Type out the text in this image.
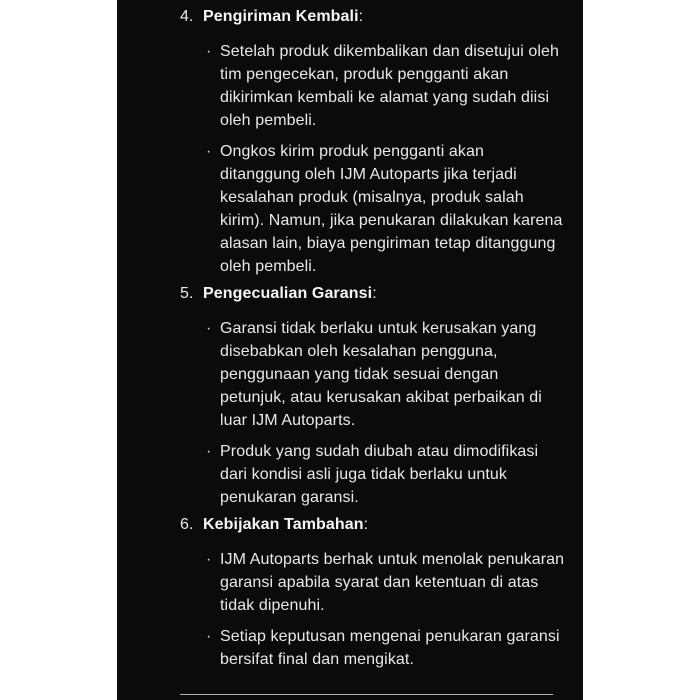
4. Pengiriman Kembali:
· Setelah produk dikembalikan dan disetujui oleh
tim pengecekan, produk pengganti akan
dikirimkan kembali ke alamat yang sudah diisi
oleh pembeli.
· Ongkos kirim produk pengganti akan
ditanggung oleh IJM Autoparts jika terjadi
kesalahan produk (misalnya, produk salah
kirim). Namun, jika penukaran dilakukan karena
alasan lain, biaya pengiriman tetap ditanggung
oleh pembeli.
5. Pengecualian Garansi:
· Garansi tidak berlaku untuk kerusakan yang
disebabkan oleh kesalahan pengguna,
penggunaan yang tidak sesuai dengan
petunjuk, atau kerusakan akibat perbaikan di
luar IJM Autoparts.
· Produk yang sudah diubah atau dimodifikasi
dari kondisi asli juga tidak berlaku untuk
penukaran garansi.
6. Kebijakan Tambahan:
· IJM Autoparts berhak untuk menolak penukaran
garansi apabila syarat dan ketentuan di atas
tidak dipenuhi.
· Setiap keputusan mengenai penukaran garansi
bersifat final dan mengikat.
